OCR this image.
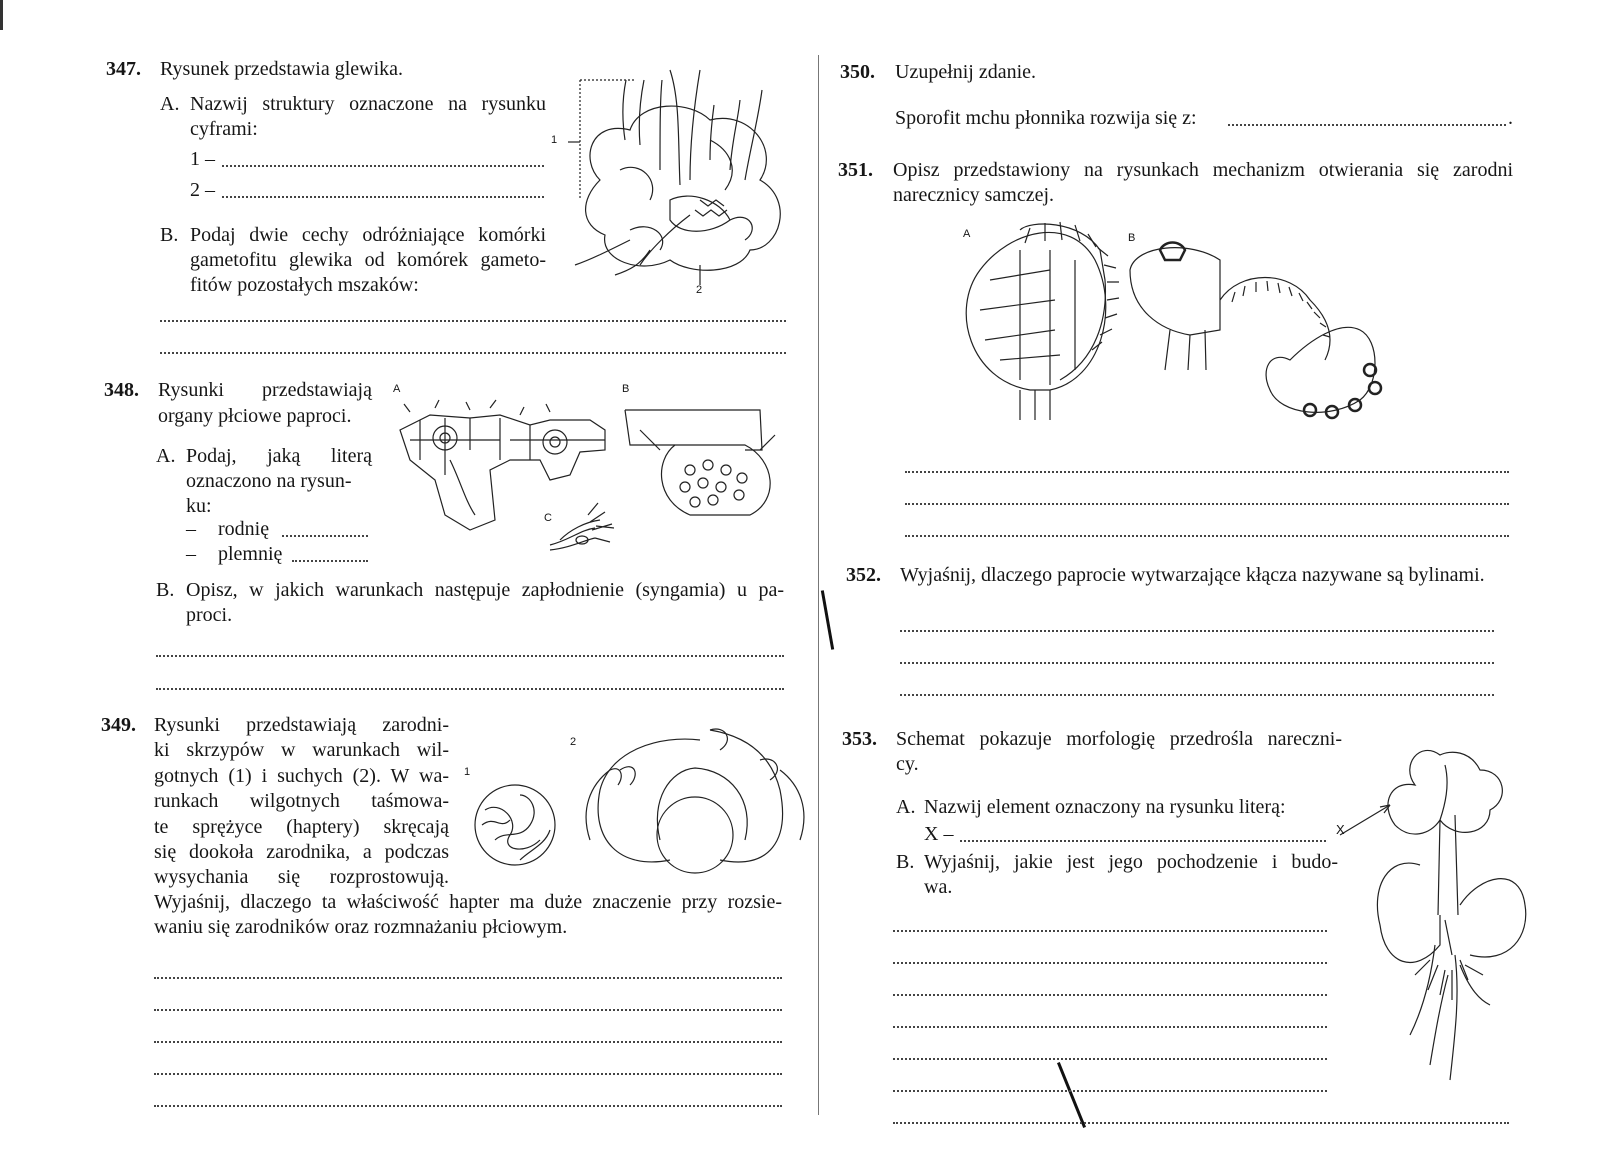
347. Rysunek przedstawia glewika.
A. Nazwij struktury oznaczone na rysunku
cyframi:
1 –
2 –
B. Podaj dwie cechy odróżniające komórki
gametofitu glewika od komórek gameto-
fitów pozostałych mszaków:
1
2
348. Rysunki przedstawiają
organy płciowe paproci.
A. Podaj, jaką literą
oznaczono na rysun-
ku:
– rodnię
– plemnię
B. Opisz, w jakich warunkach następuje zapłodnienie (syngamia) u pa-
proci.
A	B
C
349. Rysunki przedstawiają zarodni-
ki skrzypów w warunkach wil-
gotnych (1) i suchych (2). W wa-
runkach wilgotnych taśmowa-
te sprężyce (haptery) skręcają
się dookoła zarodnika, a podczas
wysychania się rozprostowują.
Wyjaśnij, dlaczego ta właściwość hapter ma duże znaczenie przy rozsie-
waniu się zarodników oraz rozmnażaniu płciowym.
1
2
350. Uzupełnij zdanie.
Sporofit mchu płonnika rozwija się z:	.
351. Opisz przedstawiony na rysunkach mechanizm otwierania się zarodni
narecznicy samczej.
A	B
352. Wyjaśnij, dlaczego paprocie wytwarzające kłącza nazywane są bylinami.
353. Schemat pokazuje morfologię przedrośla nareczni-
cy.
A. Nazwij element oznaczony na rysunku literą:
X –
B. Wyjaśnij, jakie jest jego pochodzenie i budo-
wa.
X
